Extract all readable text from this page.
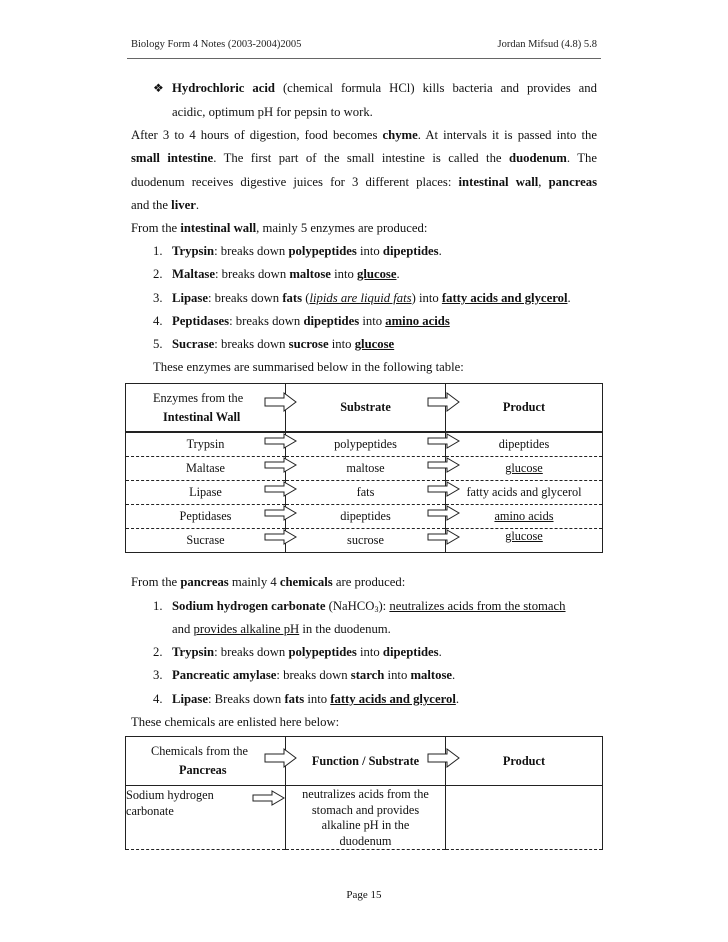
Biology Form 4 Notes (2003-2004)2005	Jordan Mifsud (4.8) 5.8
❖ Hydrochloric acid (chemical formula HCl) kills bacteria and provides and

acidic, optimum pH for pepsin to work.

After 3 to 4 hours of digestion, food becomes chyme. At intervals it is passed into the

small intestine. The first part of the small intestine is called the duodenum. The

duodenum receives digestive juices for 3 different places: intestinal wall, pancreas

and the liver.

From the intestinal wall, mainly 5 enzymes are produced:

1. Trypsin: breaks down polypeptides into dipeptides.

2. Maltase: breaks down maltose into glucose.

3. Lipase: breaks down fats (lipids are liquid fats) into fatty acids and glycerol.

4. Peptidases: breaks down dipeptides into amino acids

5. Sucrase: breaks down sucrose into glucose

These enzymes are summarised below in the following table:

Enzymes from the
Intestinal Wall	Substrate	Product
Trypsin	polypeptides	dipeptides
Maltase	maltose	glucose
Lipase	fats	fatty acids and glycerol
Peptidases	dipeptides	amino acids
Sucrase	sucrose	glucose

From the pancreas mainly 4 chemicals are produced:

1. Sodium hydrogen carbonate (NaHCO$_3$): neutralizes acids from the stomach

and provides alkaline pH in the duodenum.

2. Trypsin: breaks down polypeptides into dipeptides.

3. Pancreatic amylase: breaks down starch into maltose.

4. Lipase: Breaks down fats into fatty acids and glycerol.

These chemicals are enlisted here below:

Chemicals from the
Pancreas	Function / Substrate	Product

Sodium hydrogen
carbonate	neutralizes acids from the
stomach and provides
alkaline pH in the
duodenum	

Page 15
